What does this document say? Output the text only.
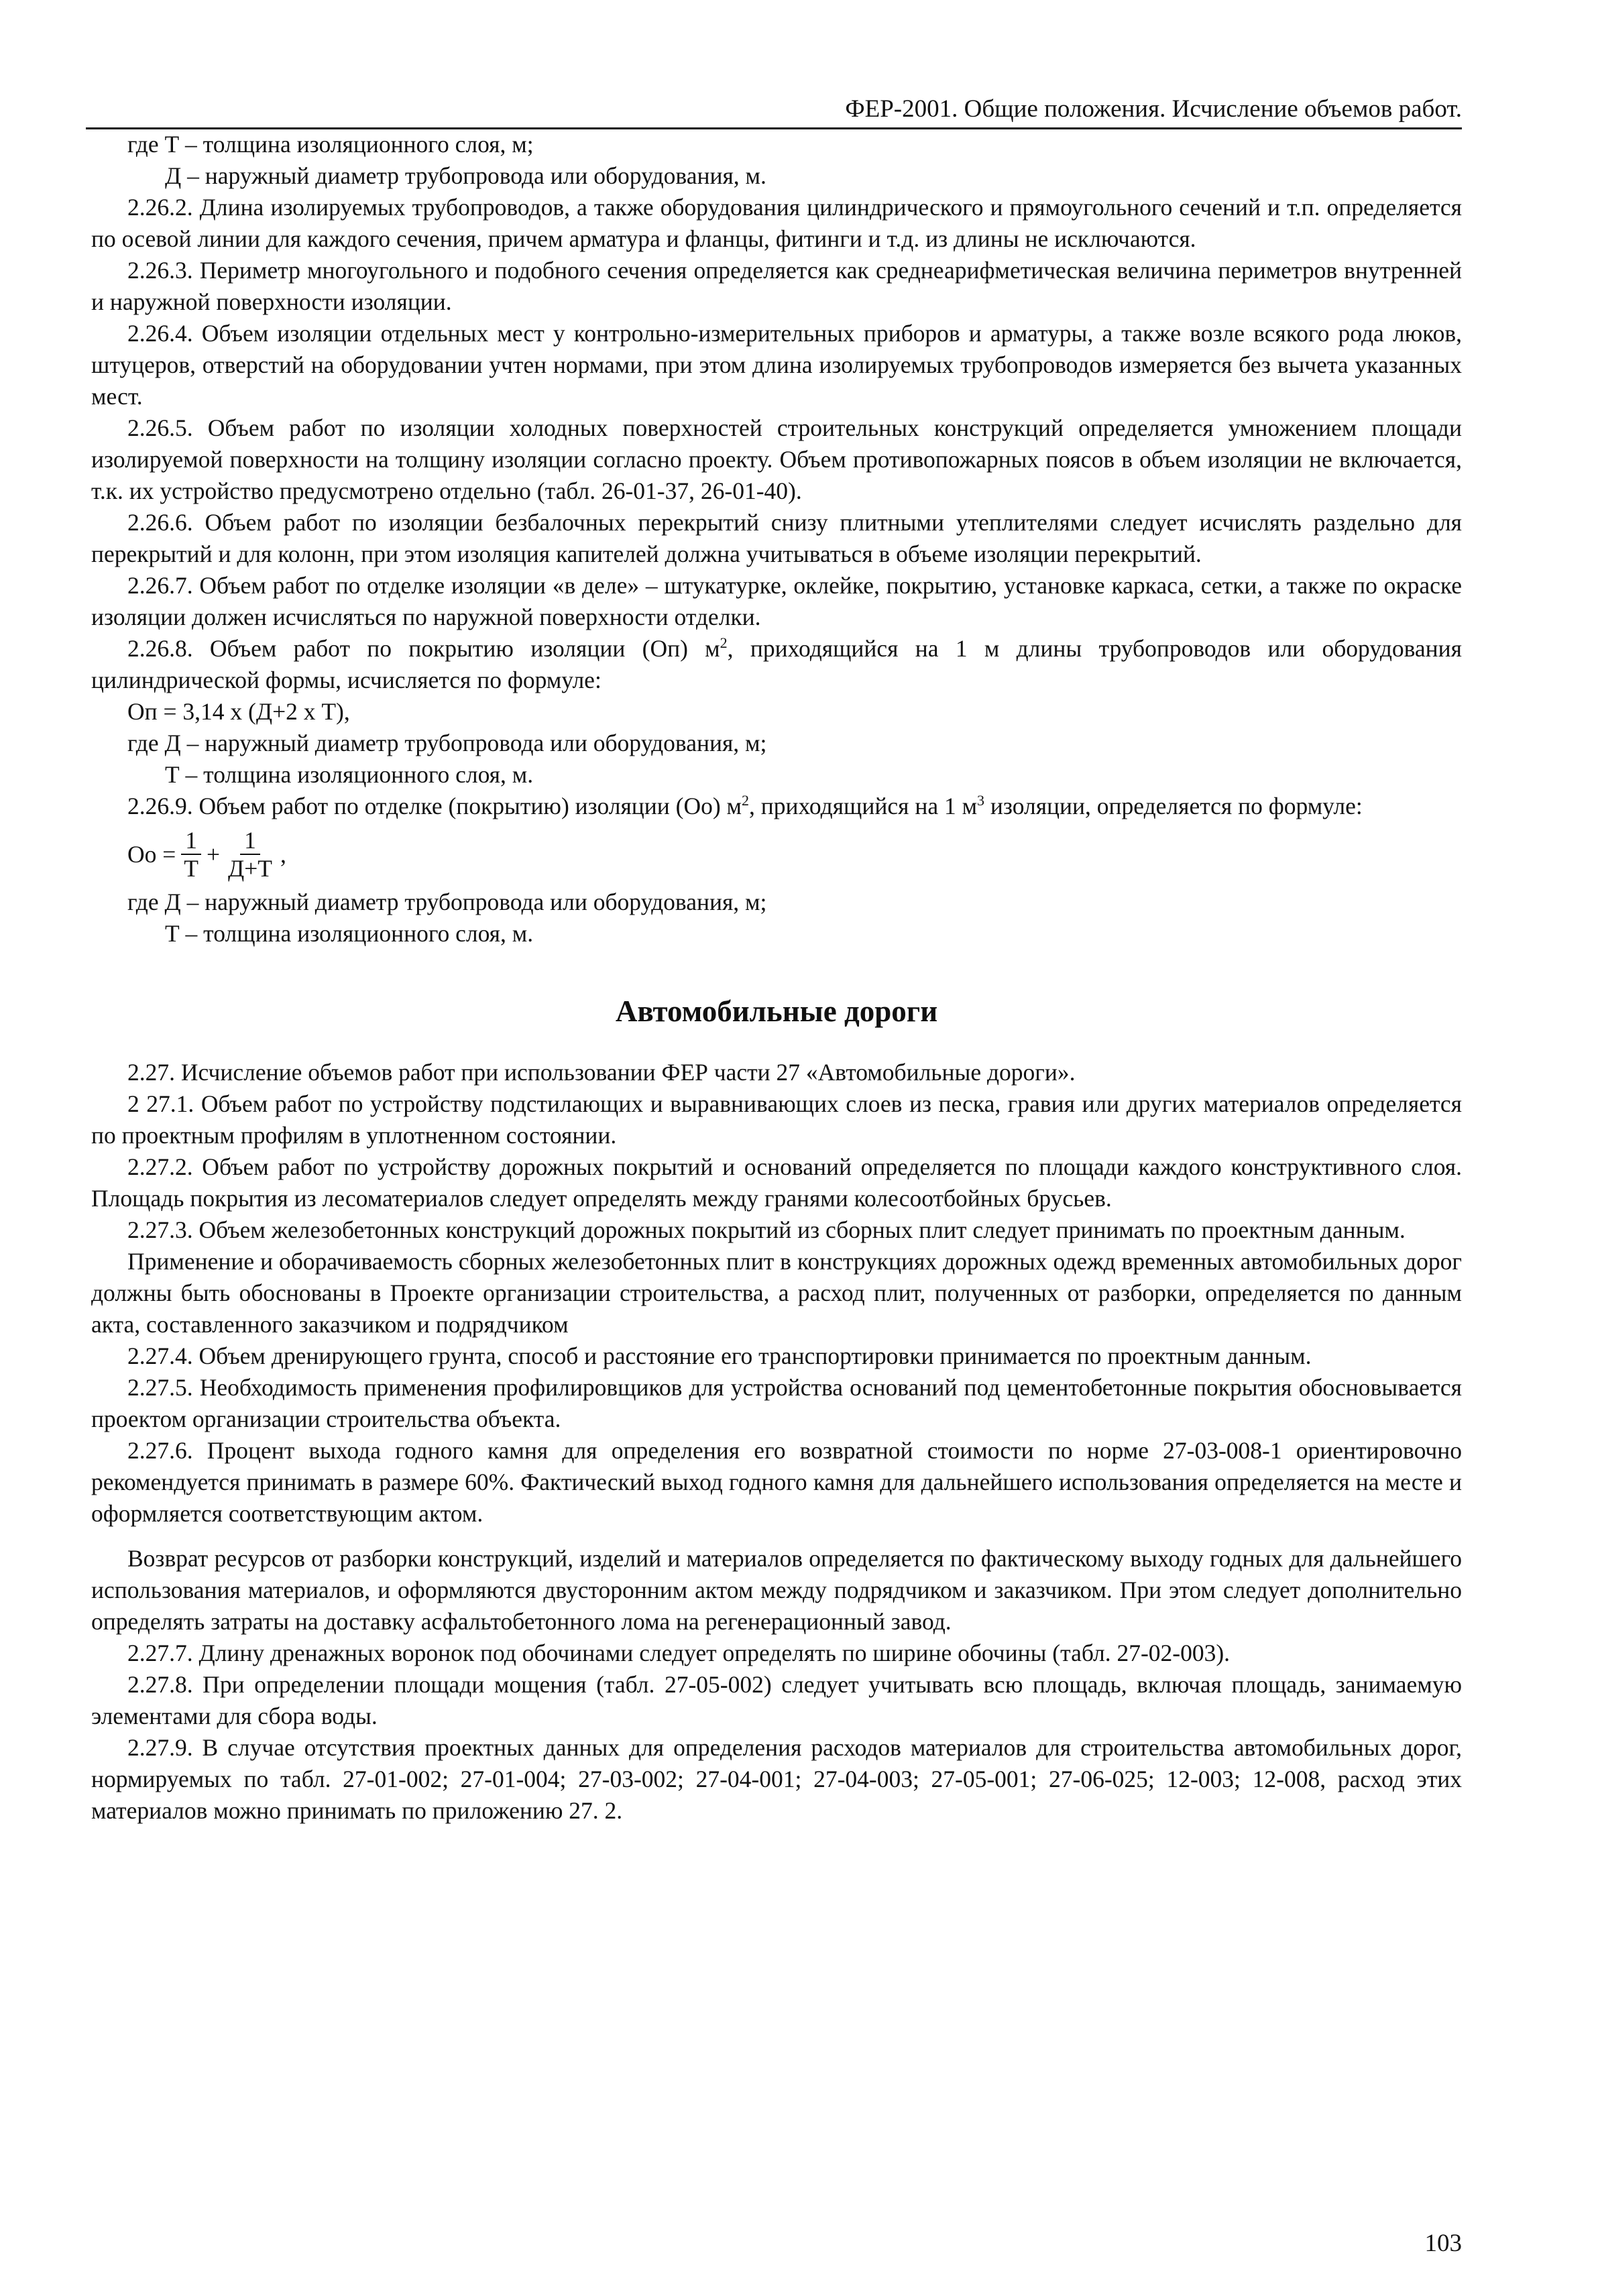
ФЕР-2001. Общие положения. Исчисление объемов работ.

где Т – толщина изоляционного слоя, м;

Д – наружный диаметр трубопровода или оборудования, м.

2.26.2. Длина изолируемых трубопроводов, а также оборудования цилиндрического и прямоугольного сечений и т.п. определяется по осевой линии для каждого сечения, причем арматура и фланцы, фитинги и т.д. из длины не исключаются.

2.26.3. Периметр многоугольного и подобного сечения определяется как среднеарифметическая величина периметров внутренней и наружной поверхности изоляции.

2.26.4. Объем изоляции отдельных мест у контрольно-измерительных приборов и арматуры, а также возле всякого рода люков, штуцеров, отверстий на оборудовании учтен нормами, при этом длина изолируемых трубопроводов измеряется без вычета указанных мест.

2.26.5. Объем работ по изоляции холодных поверхностей строительных конструкций определяется умножением площади изолируемой поверхности на толщину изоляции согласно проекту. Объем противопожарных поясов в объем изоляции не включается, т.к. их устройство предусмотрено отдельно (табл. 26-01-37, 26-01-40).

2.26.6. Объем работ по изоляции безбалочных перекрытий снизу плитными утеплителями следует исчислять раздельно для перекрытий и для колонн, при этом изоляция капителей должна учитываться в объеме изоляции перекрытий.

2.26.7. Объем работ по отделке изоляции «в деле» – штукатурке, оклейке, покрытию, установке каркаса, сетки, а также по окраске изоляции должен исчисляться по наружной поверхности отделки.

2.26.8. Объем работ по покрытию изоляции (Оп) $м^2$, приходящийся на 1 м длины трубопроводов или оборудования цилиндрической формы, исчисляется по формуле:

Оп = 3,14 х (Д+2 х Т),

где Д – наружный диаметр трубопровода или оборудования, м;

Т – толщина изоляционного слоя, м.

2.26.9. Объем работ по отделке (покрытию) изоляции (Оо) $м^2$, приходящийся на 1 $м^3$ изоляции, определяется по формуле:

Оо = $\frac{1}{Т} + \frac{1}{Д+Т}$ ,

где Д – наружный диаметр трубопровода или оборудования, м;

Т – толщина изоляционного слоя, м.

Автомобильные дороги

2.27. Исчисление объемов работ при использовании ФЕР части 27 «Автомобильные дороги».

2 27.1. Объем работ по устройству подстилающих и выравнивающих слоев из песка, гравия или других материалов определяется по проектным профилям в уплотненном состоянии.

2.27.2. Объем работ по устройству дорожных покрытий и оснований определяется по площади каждого конструктивного слоя. Площадь покрытия из лесоматериалов следует определять между гранями колесоотбойных брусьев.

2.27.3. Объем железобетонных конструкций дорожных покрытий из сборных плит следует принимать по проектным данным.

Применение и оборачиваемость сборных железобетонных плит в конструкциях дорожных одежд временных автомобильных дорог должны быть обоснованы в Проекте организации строительства, а расход плит, полученных от разборки, определяется по данным акта, составленного заказчиком и подрядчиком

2.27.4. Объем дренирующего грунта, способ и расстояние его транспортировки принимается по проектным данным.

2.27.5. Необходимость применения профилировщиков для устройства оснований под цементобетонные покрытия обосновывается проектом организации строительства объекта.

2.27.6. Процент выхода годного камня для определения его возвратной стоимости по норме 27-03-008-1 ориентировочно рекомендуется принимать в размере 60%. Фактический выход годного камня для дальнейшего использования определяется на месте и оформляется соответствующим актом.

Возврат ресурсов от разборки конструкций, изделий и материалов определяется по фактическому выходу годных для дальнейшего использования материалов, и оформляются двусторонним актом между подрядчиком и заказчиком. При этом следует дополнительно определять затраты на доставку асфальтобетонного лома на регенерационный завод.

2.27.7. Длину дренажных воронок под обочинами следует определять по ширине обочины (табл. 27-02-003).

2.27.8. При определении площади мощения (табл. 27-05-002) следует учитывать всю площадь, включая площадь, занимаемую элементами для сбора воды.

2.27.9. В случае отсутствия проектных данных для определения расходов материалов для строительства автомобильных дорог, нормируемых по табл. 27-01-002; 27-01-004; 27-03-002; 27-04-001; 27-04-003; 27-05-001; 27-06-025; 12-003; 12-008, расход этих материалов можно принимать по приложению 27. 2.

103
